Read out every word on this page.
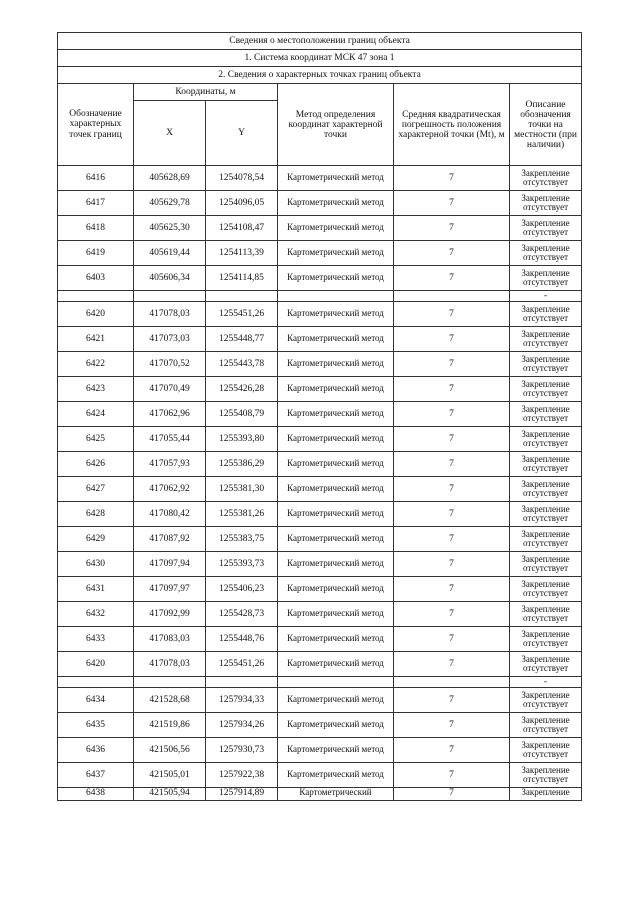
Сведения о местоположении границ объекта					
1. Система координат МСК 47 зона 1					
2. Сведения о характерных точках границ объекта					
Обозначение характерных точек границ	Координаты, м		Метод определения координат характерной точки	Средняя квадратическая погрешность положения характерной точки (Mt), м	Описание обозначения точки на местности (при наличии)
	X	Y			
6416	405628,69	1254078,54	Картометрический метод	7	Закрепление отсутствует
6417	405629,78	1254096,05	Картометрический метод	7	Закрепление отсутствует
6418	405625,30	1254108,47	Картометрический метод	7	Закрепление отсутствует
6419	405619,44	1254113,39	Картометрический метод	7	Закрепление отсутствует
6403	405606,34	1254114,85	Картометрический метод	7	Закрепление отсутствует
					-
6420	417078,03	1255451,26	Картометрический метод	7	Закрепление отсутствует
6421	417073,03	1255448,77	Картометрический метод	7	Закрепление отсутствует
6422	417070,52	1255443,78	Картометрический метод	7	Закрепление отсутствует
6423	417070,49	1255426,28	Картометрический метод	7	Закрепление отсутствует
6424	417062,96	1255408,79	Картометрический метод	7	Закрепление отсутствует
6425	417055,44	1255393,80	Картометрический метод	7	Закрепление отсутствует
6426	417057,93	1255386,29	Картометрический метод	7	Закрепление отсутствует
6427	417062,92	1255381,30	Картометрический метод	7	Закрепление отсутствует
6428	417080,42	1255381,26	Картометрический метод	7	Закрепление отсутствует
6429	417087,92	1255383,75	Картометрический метод	7	Закрепление отсутствует
6430	417097,94	1255393,73	Картометрический метод	7	Закрепление отсутствует
6431	417097,97	1255406,23	Картометрический метод	7	Закрепление отсутствует
6432	417092,99	1255428,73	Картометрический метод	7	Закрепление отсутствует
6433	417083,03	1255448,76	Картометрический метод	7	Закрепление отсутствует
6420	417078,03	1255451,26	Картометрический метод	7	Закрепление отсутствует
					-
6434	421528,68	1257934,33	Картометрический метод	7	Закрепление отсутствует
6435	421519,86	1257934,26	Картометрический метод	7	Закрепление отсутствует
6436	421506,56	1257930,73	Картометрический метод	7	Закрепление отсутствует
6437	421505,01	1257922,38	Картометрический метод	7	Закрепление отсутствует
6438	421505,94	1257914,89	Картометрический	7	Закрепление
